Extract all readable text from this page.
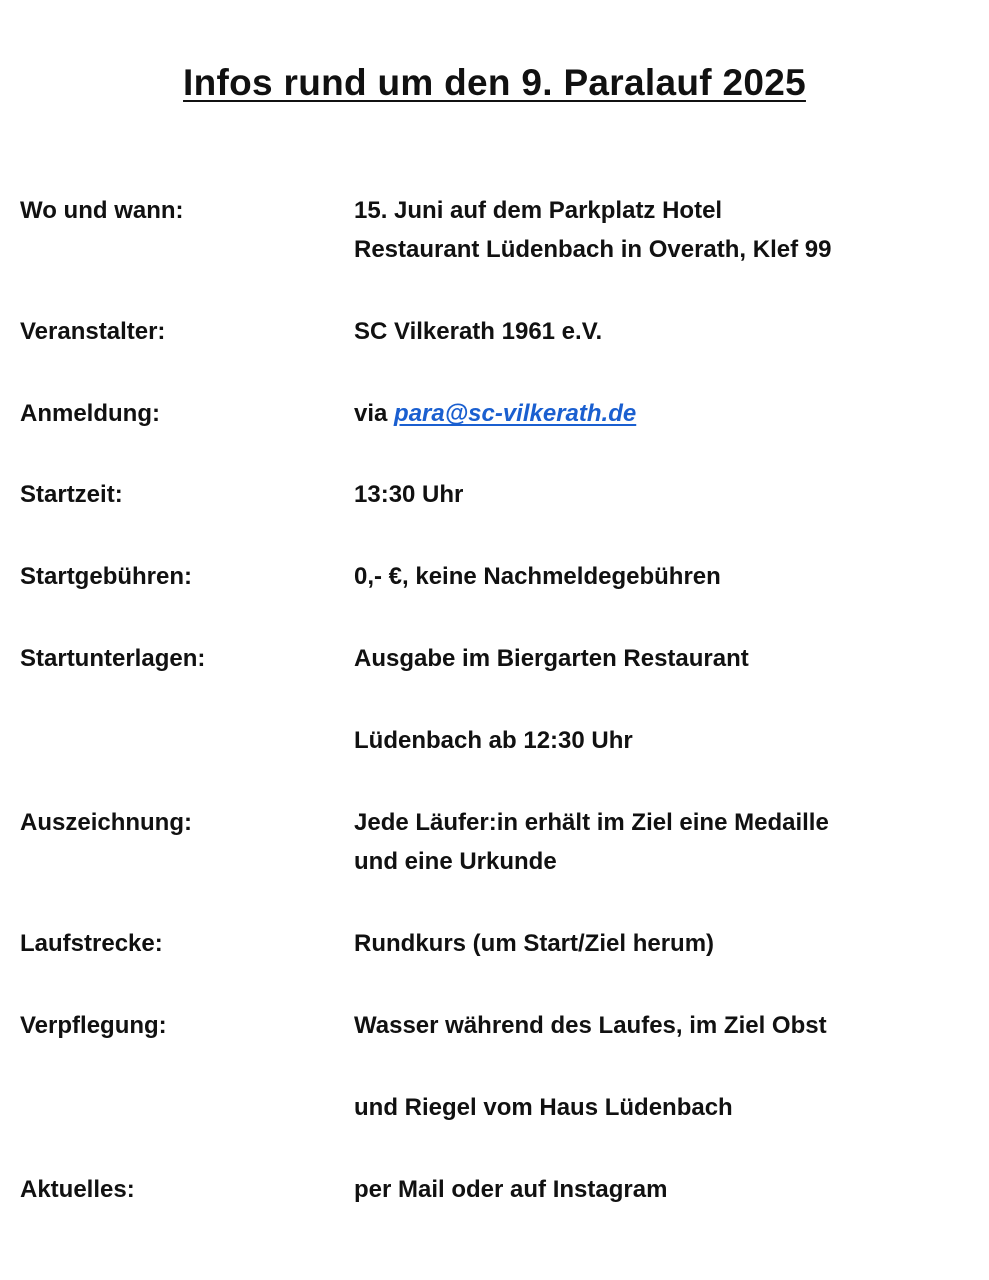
Infos rund um den 9. Paralauf 2025
Wo und wann:	15. Juni auf dem Parkplatz Hotel
Restaurant Lüdenbach in Overath, Klef 99
Veranstalter:	SC Vilkerath 1961 e.V.
Anmeldung:	via para@sc-vilkerath.de
Startzeit:	13:30 Uhr
Startgebühren:	0,- €, keine Nachmeldegebühren
Startunterlagen:	Ausgabe im Biergarten Restaurant
Lüdenbach ab 12:30 Uhr
Auszeichnung:	Jede Läufer:in erhält im Ziel eine Medaille
und eine Urkunde
Laufstrecke:	Rundkurs (um Start/Ziel herum)
Verpflegung:	Wasser während des Laufes, im Ziel Obst
und Riegel vom Haus Lüdenbach
Aktuelles:	per Mail oder auf Instagram
